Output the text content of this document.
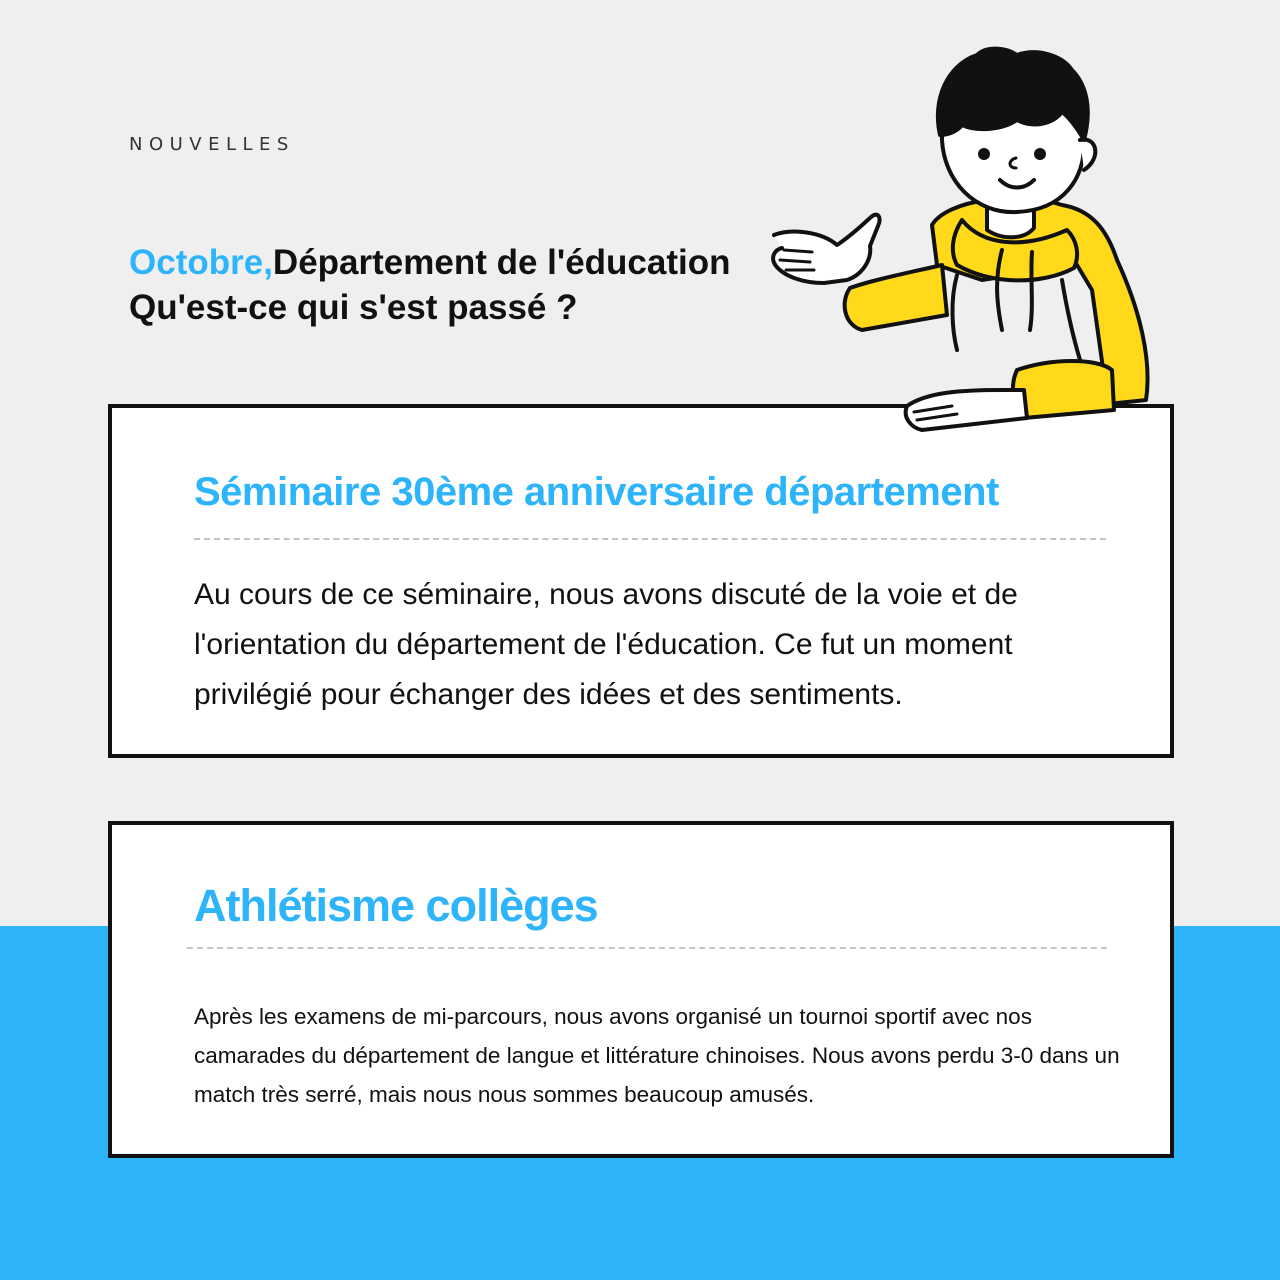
NOUVELLES
Octobre,Département de l'éducation
Qu'est-ce qui s'est passé ?
Séminaire 30ème anniversaire département
Au cours de ce séminaire, nous avons discuté de la voie et de l'orientation du département de l'éducation. Ce fut un moment privilégié pour échanger des idées et des sentiments.
Athlétisme collèges
Après les examens de mi-parcours, nous avons organisé un tournoi sportif avec nos camarades du département de langue et littérature chinoises. Nous avons perdu 3-0 dans un match très serré, mais nous nous sommes beaucoup amusés.
